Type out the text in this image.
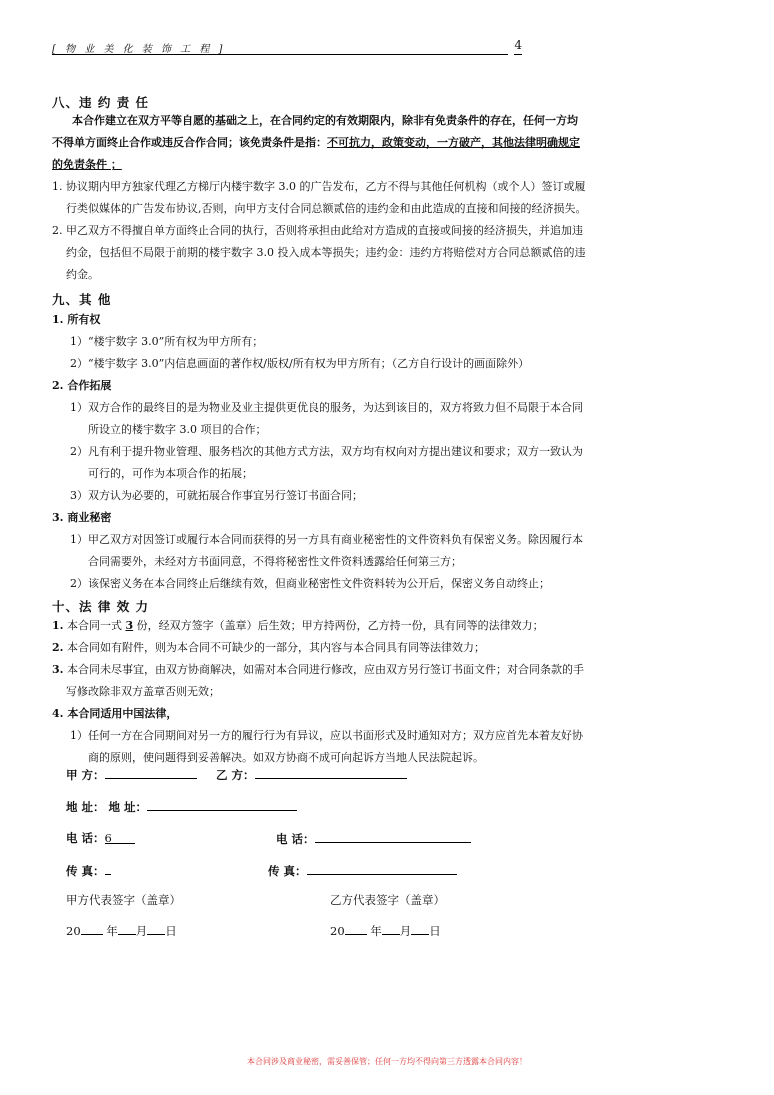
[ 物 业 美 化 装 饰 工 程 ]	4
八、违 约 责 任
本合作建立在双方平等自愿的基础之上，在合同约定的有效期限内，除非有免责条件的存在，任何一方均
不得单方面终止合作或违反合作合同；该免责条件是指：不可抗力，政策变动，一方破产，其他法律明确规定
的免责条件 ；
1. 协议期内甲方独家代理乙方梯厅内楼宇数字 3.0 的广告发布，乙方不得与其他任何机构（或个人）签订或履
行类似媒体的广告发布协议,否则，向甲方支付合同总额贰倍的违约金和由此造成的直接和间接的经济损失。
2. 甲乙双方不得擅自单方面终止合同的执行，否则将承担由此给对方造成的直接或间接的经济损失，并追加违
约金，包括但不局限于前期的楼宇数字 3.0 投入成本等损失；违约金：违约方将赔偿对方合同总额贰倍的违
约金。
九、其 他
1. 所有权
1）“楼宇数字 3.0”所有权为甲方所有；
2）“楼宇数字 3.0”内信息画面的著作权/版权/所有权为甲方所有；（乙方自行设计的画面除外）
2. 合作拓展
1）双方合作的最终目的是为物业及业主提供更优良的服务，为达到该目的，双方将致力但不局限于本合同
所设立的楼宇数字 3.0 项目的合作；
2）凡有利于提升物业管理、服务档次的其他方式方法，双方均有权向对方提出建议和要求；双方一致认为
可行的，可作为本项合作的拓展；
3）双方认为必要的，可就拓展合作事宜另行签订书面合同；
3. 商业秘密
1）甲乙双方对因签订或履行本合同而获得的另一方具有商业秘密性的文件资料负有保密义务。除因履行本
合同需要外，未经对方书面同意，不得将秘密性文件资料透露给任何第三方；
2）该保密义务在本合同终止后继续有效，但商业秘密性文件资料转为公开后，保密义务自动终止；
十、法 律 效 力
1. 本合同一式 3 份，经双方签字（盖章）后生效；甲方持两份，乙方持一份，具有同等的法律效力；
2. 本合同如有附件，则为本合同不可缺少的一部分，其内容与本合同具有同等法律效力；
3. 本合同未尽事宜，由双方协商解决，如需对本合同进行修改，应由双方另行签订书面文件；对合同条款的手
写修改除非双方盖章否则无效；
4. 本合同适用中国法律，
1）任何一方在合同期间对另一方的履行行为有异议，应以书面形式及时通知对方；双方应首先本着友好协
商的原则，使问题得到妥善解决。如双方协商不成可向起诉方当地人民法院起诉。
甲 方：	乙 方：
地 址： 地 址：
电 话：6	电 话：
传 真：	传 真：
甲方代表签字（盖章）	乙方代表签字（盖章）
20 年 月 日	20 年 月 日
本合同涉及商业秘密，需妥善保管；任何一方均不得向第三方透露本合同内容！
